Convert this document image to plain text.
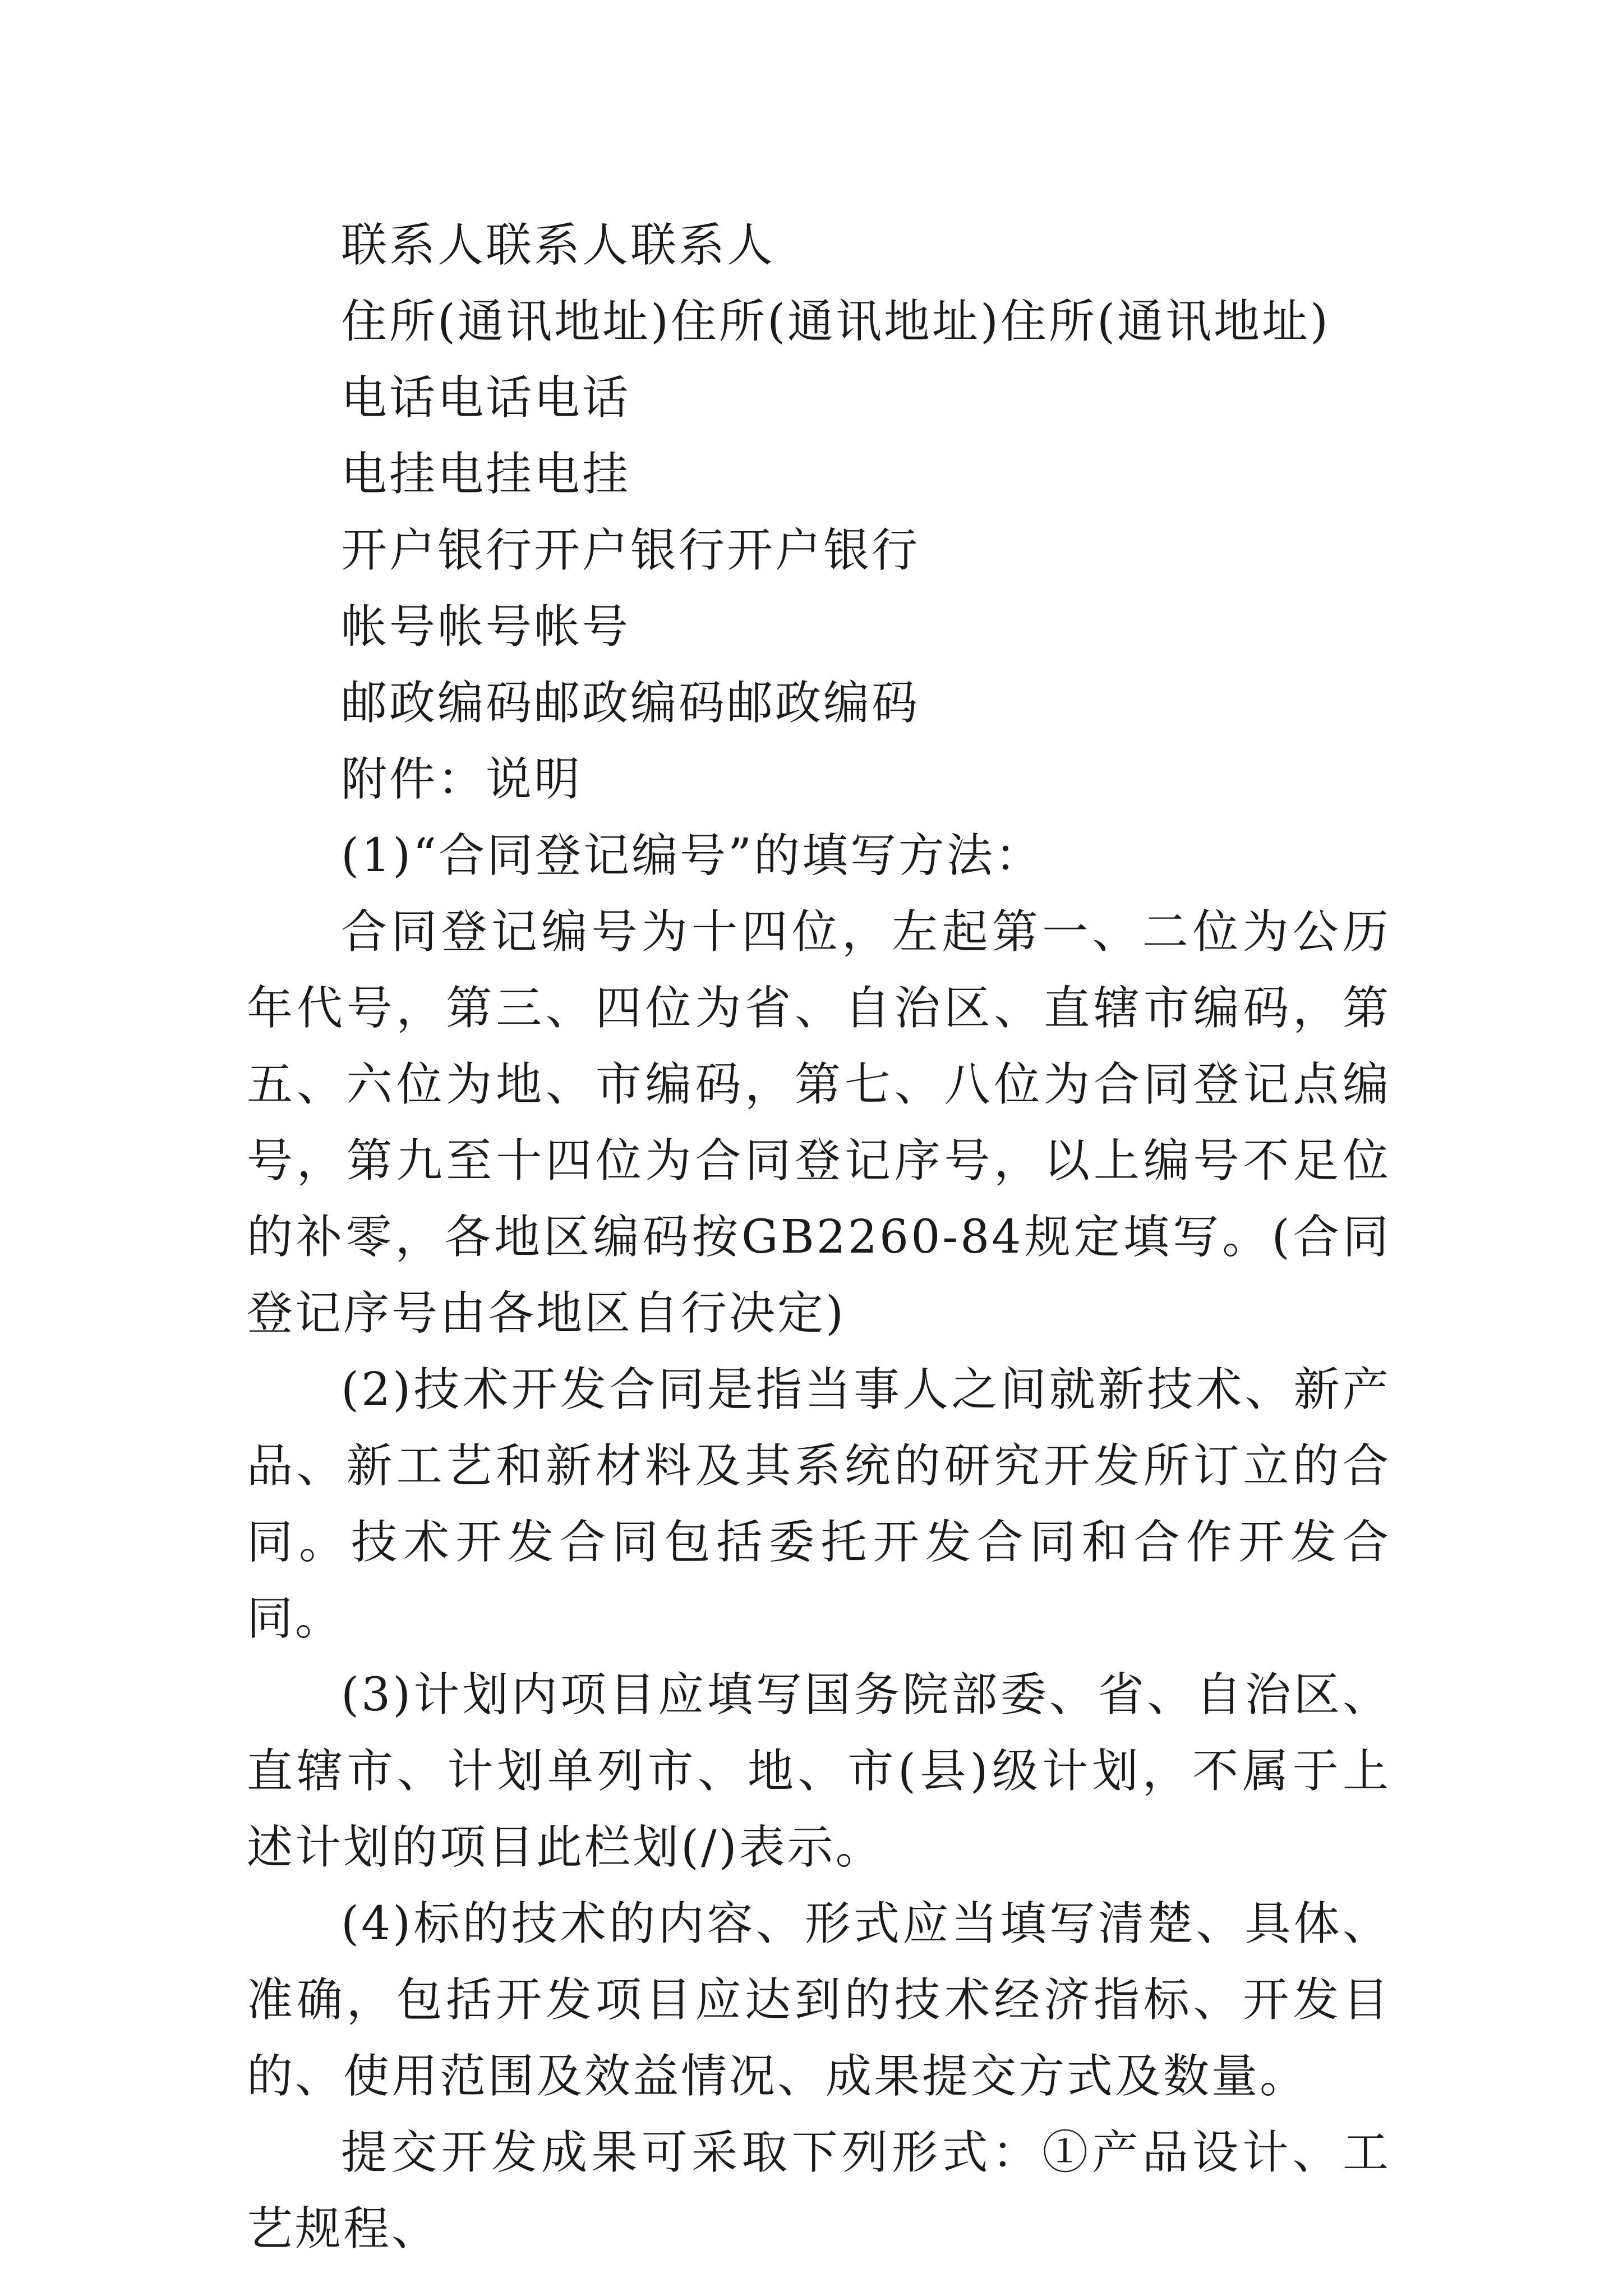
联系人联系人联系人

住所(通讯地址)住所(通讯地址)住所(通讯地址)

电话电话电话

电挂电挂电挂

开户银行开户银行开户银行

帐号帐号帐号

邮政编码邮政编码邮政编码

附件：说明

(1)“合同登记编号”的填写方法：

合同登记编号为十四位，左起第一、二位为公历年代号，第三、四位为省、自治区、直辖市编码，第五、六位为地、市编码，第七、八位为合同登记点编号，第九至十四位为合同登记序号，以上编号不足位的补零，各地区编码按GB2260-84规定填写。(合同登记序号由各地区自行决定)

(2)技术开发合同是指当事人之间就新技术、新产品、新工艺和新材料及其系统的研究开发所订立的合同。技术开发合同包括委托开发合同和合作开发合同。

(3)计划内项目应填写国务院部委、省、自治区、直辖市、计划单列市、地、市(县)级计划，不属于上述计划的项目此栏划(/)表示。

(4)标的技术的内容、形式应当填写清楚、具体、准确，包括开发项目应达到的技术经济指标、开发目的、使用范围及效益情况、成果提交方式及数量。

提交开发成果可采取下列形式：①产品设计、工艺规程、
